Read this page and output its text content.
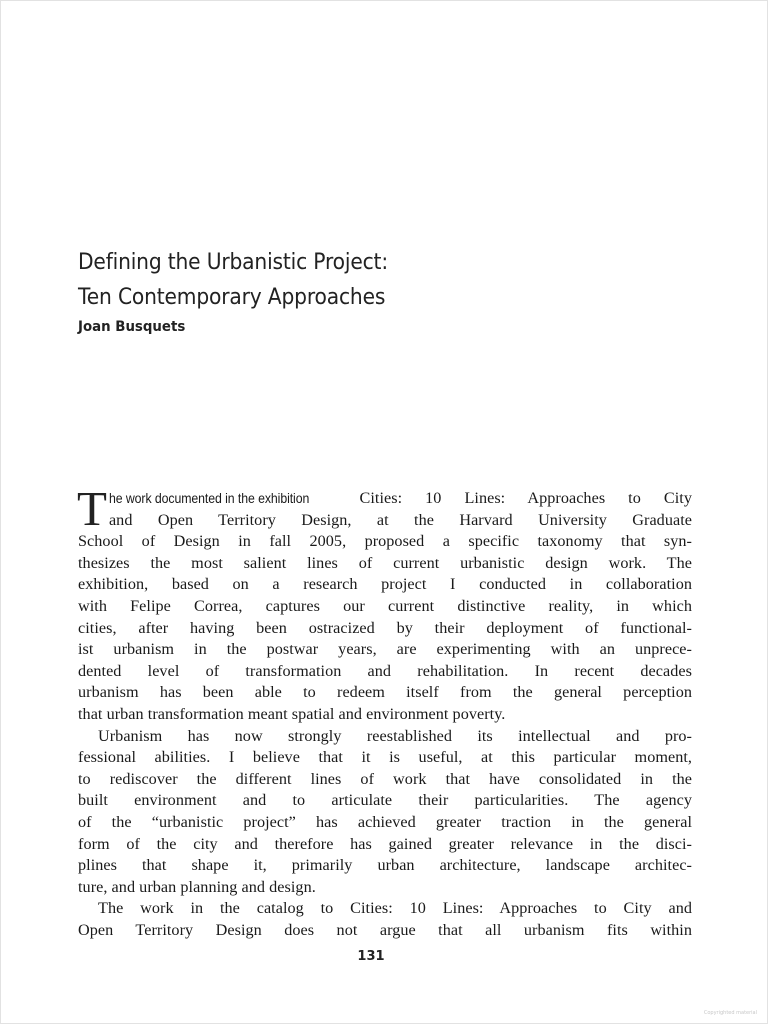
Defining the Urbanistic Project:
Ten Contemporary Approaches
Joan Busquets
T he work documented in the exhibition	Cities: 10 Lines: Approaches to City
and Open Territory Design, at the Harvard University Graduate
School of Design in fall 2005, proposed a specific taxonomy that syn-
thesizes the most salient lines of current urbanistic design work. The
exhibition, based on a research project I conducted in collaboration
with Felipe Correa, captures our current distinctive reality, in which
cities, after having been ostracized by their deployment of functional-
ist urbanism in the postwar years, are experimenting with an unprece-
dented level of transformation and rehabilitation. In recent decades
urbanism has been able to redeem itself from the general perception
that urban transformation meant spatial and environment poverty.
Urbanism has now strongly reestablished its intellectual and pro-
fessional abilities. I believe that it is useful, at this particular moment,
to rediscover the different lines of work that have consolidated in the
built environment and to articulate their particularities. The agency
of the “urbanistic project” has achieved greater traction in the general
form of the city and therefore has gained greater relevance in the disci-
plines that shape it, primarily urban architecture, landscape architec-
ture, and urban planning and design.
The work in the catalog to Cities: 10 Lines: Approaches to City and
Open Territory Design does not argue that all urbanism fits within
131
Copyrighted material
